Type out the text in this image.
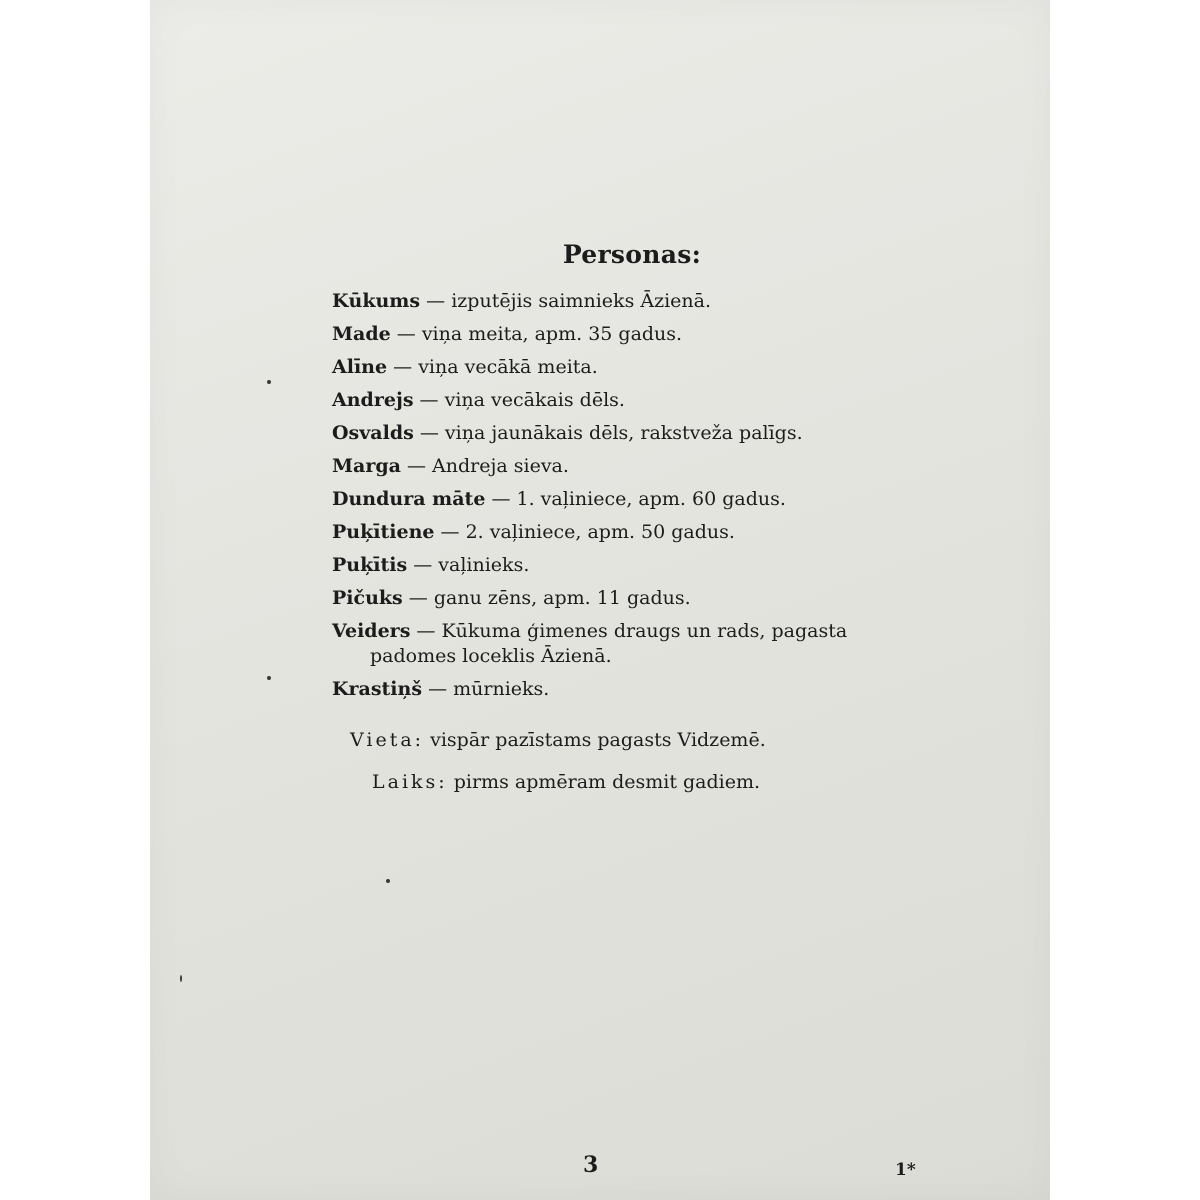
Personas:
Kūkums — izputējis saimnieks Āzienā.
Made — viņa meita, apm. 35 gadus.
Alīne — viņa vecākā meita.
Andrejs — viņa vecākais dēls.
Osvalds — viņa jaunākais dēls, rakstveža palīgs.
Marga — Andreja sieva.
Dundura māte — 1. vaļiniece, apm. 60 gadus.
Puķītiene — 2. vaļiniece, apm. 50 gadus.
Puķītis — vaļinieks.
Pičuks — ganu zēns, apm. 11 gadus.
Veiders — Kūkuma ģimenes draugs un rads, pagasta padomes loceklis Āzienā.
Krastiņš — mūrnieks.

Vieta: vispār pazīstams pagasts Vidzemē.

Laiks: pirms apmēram desmit gadiem.

3	1*
